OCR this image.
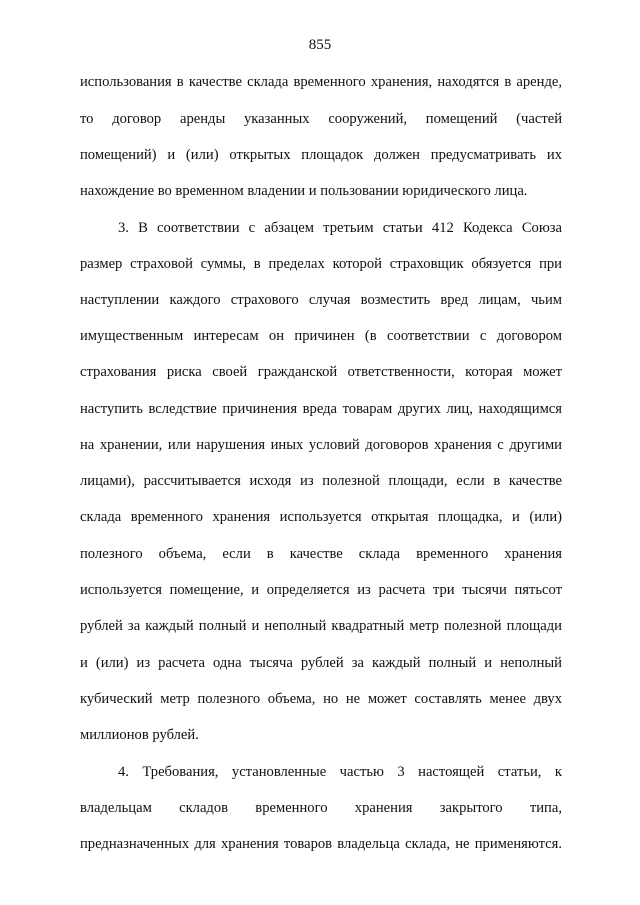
855
использования в качестве склада временного хранения, находятся в аренде,
то договор аренды указанных сооружений, помещений (частей
помещений) и (или) открытых площадок должен предусматривать их
нахождение во временном владении и пользовании юридического лица.
3. В соответствии с абзацем третьим статьи 412 Кодекса Союза
размер страховой суммы, в пределах которой страховщик обязуется при
наступлении каждого страхового случая возместить вред лицам, чьим
имущественным интересам он причинен (в соответствии с договором
страхования риска своей гражданской ответственности, которая может
наступить вследствие причинения вреда товарам других лиц, находящимся
на хранении, или нарушения иных условий договоров хранения с другими
лицами), рассчитывается исходя из полезной площади, если в качестве
склада временного хранения используется открытая площадка, и (или)
полезного объема, если в качестве склада временного хранения
используется помещение, и определяется из расчета три тысячи пятьсот
рублей за каждый полный и неполный квадратный метр полезной площади
и (или) из расчета одна тысяча рублей за каждый полный и неполный
кубический метр полезного объема, но не может составлять менее двух
миллионов рублей.
4. Требования, установленные частью 3 настоящей статьи, к
владельцам складов временного хранения закрытого типа,
предназначенных для хранения товаров владельца склада, не применяются.
